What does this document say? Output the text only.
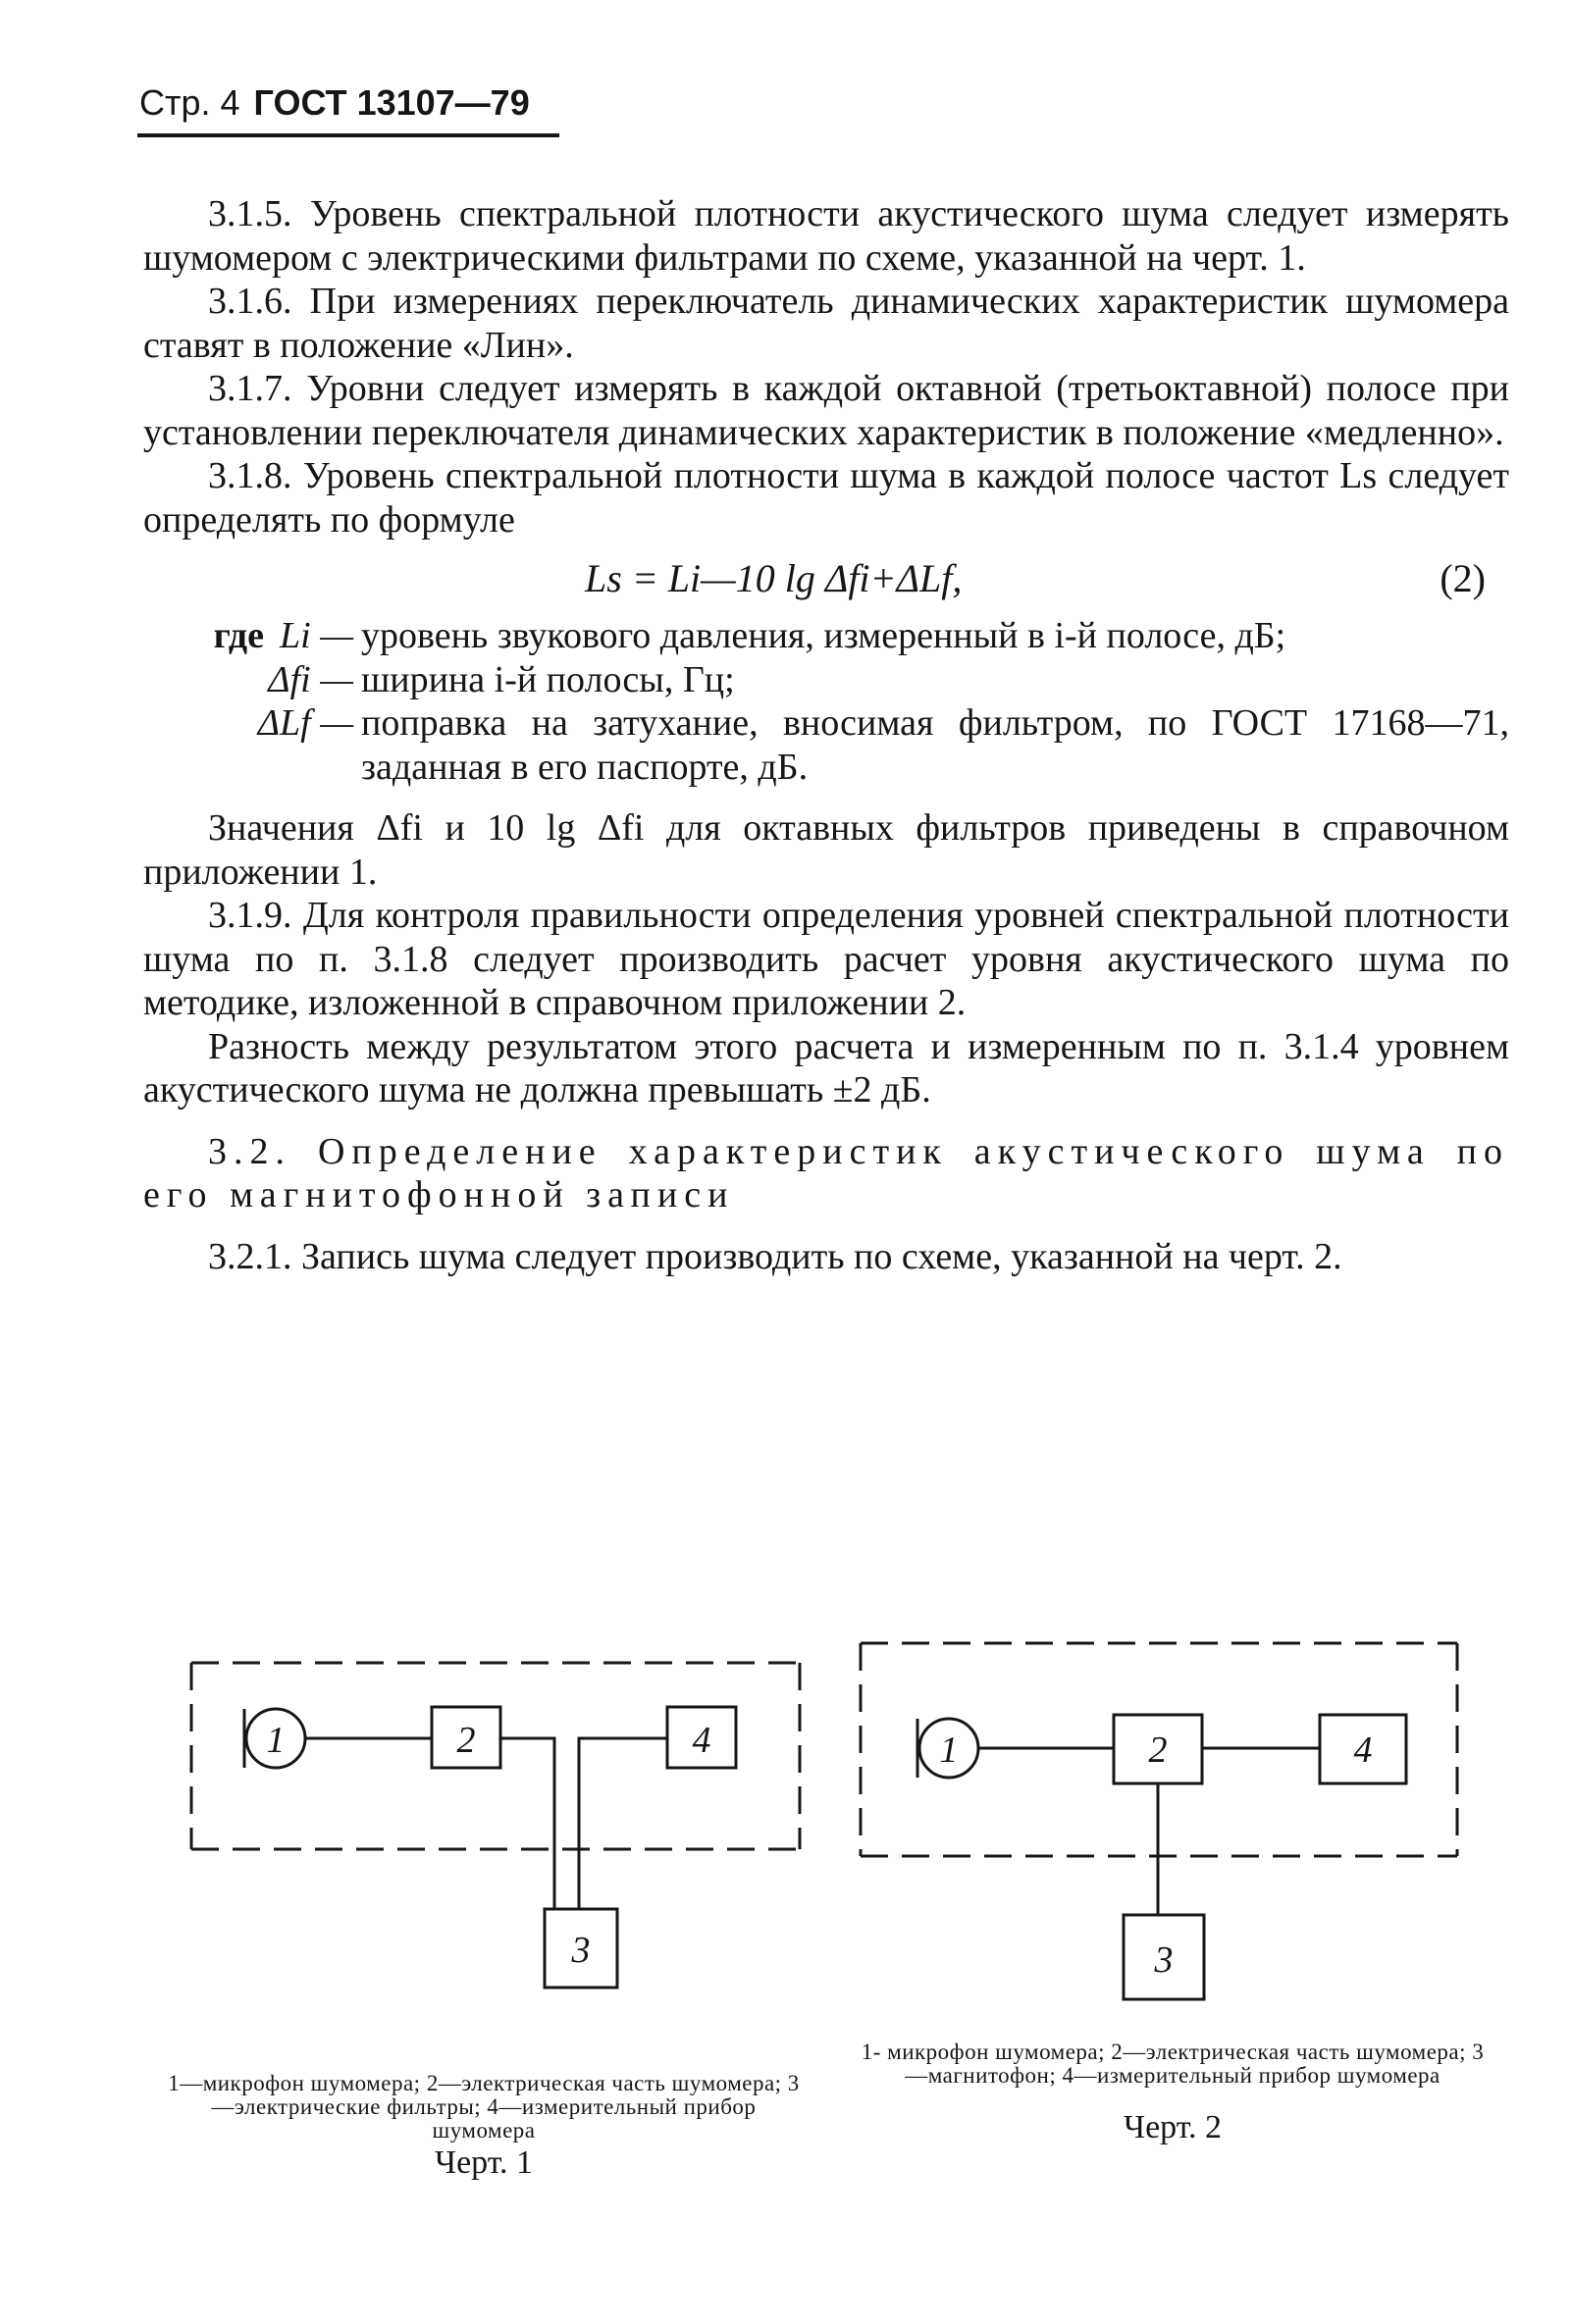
Стр. 4 ГОСТ 13107—79

3.1.5. Уровень спектральной плотности акустического шума следует измерять шумомером с электрическими фильтрами по схеме, указанной на черт. 1.

3.1.6. При измерениях переключатель динамических характеристик шумомера ставят в положение «Лин».

3.1.7. Уровни следует измерять в каждой октавной (третьоктавной) полосе при установлении переключателя динамических характеристик в положение «медленно».

3.1.8. Уровень спектральной плотности шума в каждой полосе частот Ls следует определять по формуле

Ls = Li—10 lg Δfi+ΔLf,	(2)
где Li — уровень звукового давления, измеренный в i-й полосе, дБ;
Δfi — ширина i-й полосы, Гц;
ΔLf — поправка на затухание, вносимая фильтром, по ГОСТ 17168—71, заданная в его паспорте, дБ.

Значения Δfi и 10 lg Δfi для октавных фильтров приведены в справочном приложении 1.

3.1.9. Для контроля правильности определения уровней спектральной плотности шума по п. 3.1.8 следует производить расчет уровня акустического шума по методике, изложенной в справочном приложении 2.

Разность между результатом этого расчета и измеренным по п. 3.1.4 уровнем акустического шума не должна превышать ±2 дБ.

3.2. Определение характеристик акустического шума по его магнитофонной записи

3.2.1. Запись шума следует производить по схеме, указанной на черт. 2.

1	2
3
4
1—микрофон шумомера; 2—электрическая часть шумомера; 3—электрические фильтры; 4—измерительный прибор шумомера
Черт. 1
1	2
3
4
1- микрофон шумомера; 2—электрическая часть шумомера; 3—магнитофон; 4—измерительный прибор шумомера
Черт. 2
